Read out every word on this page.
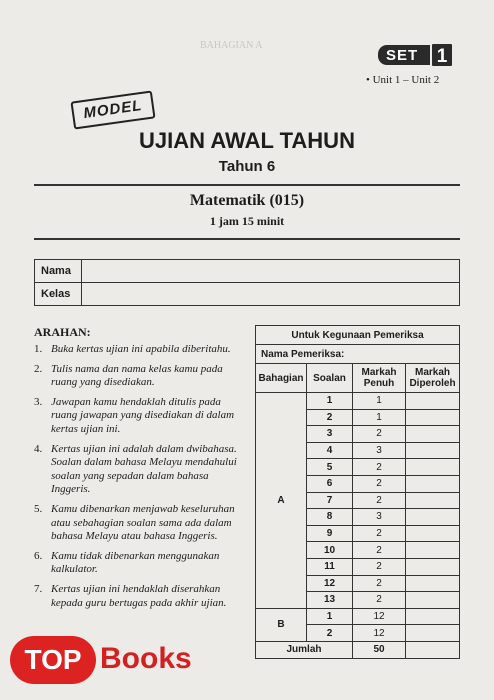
BAHAGIAN A
SET 1
• Unit 1 – Unit 2
MODEL
UJIAN AWAL TAHUN
Tahun 6
Matematik (015)
1 jam 15 minit
Nama	
Kelas	
ARAHAN:
1. Buka kertas ujian ini apabila diberitahu.
2. Tulis nama dan nama kelas kamu pada ruang yang disediakan.
3. Jawapan kamu hendaklah ditulis pada ruang jawapan yang disediakan di dalam kertas ujian ini.
4. Kertas ujian ini adalah dalam dwibahasa. Soalan dalam bahasa Melayu mendahului soalan yang sepadan dalam bahasa Inggeris.
5. Kamu dibenarkan menjawab keseluruhan atau sebahagian soalan sama ada dalam bahasa Melayu atau bahasa Inggeris.
6. Kamu tidak dibenarkan menggunakan kalkulator.
7. Kertas ujian ini hendaklah diserahkan kepada guru bertugas pada akhir ujian.
Untuk Kegunaan Pemeriksa			
Nama Pemeriksa:			
Bahagian	Soalan	Markah Penuh	Markah Diperoleh
A	1	1	
	2	1	
	3	2	
	4	3	
	5	2	
	6	2	
	7	2	
	8	3	
	9	2	
	10	2	
	11	2	
	12	2	
	13	2	
B	1	12	
	2	12	
Jumlah		50	
TOP Books
